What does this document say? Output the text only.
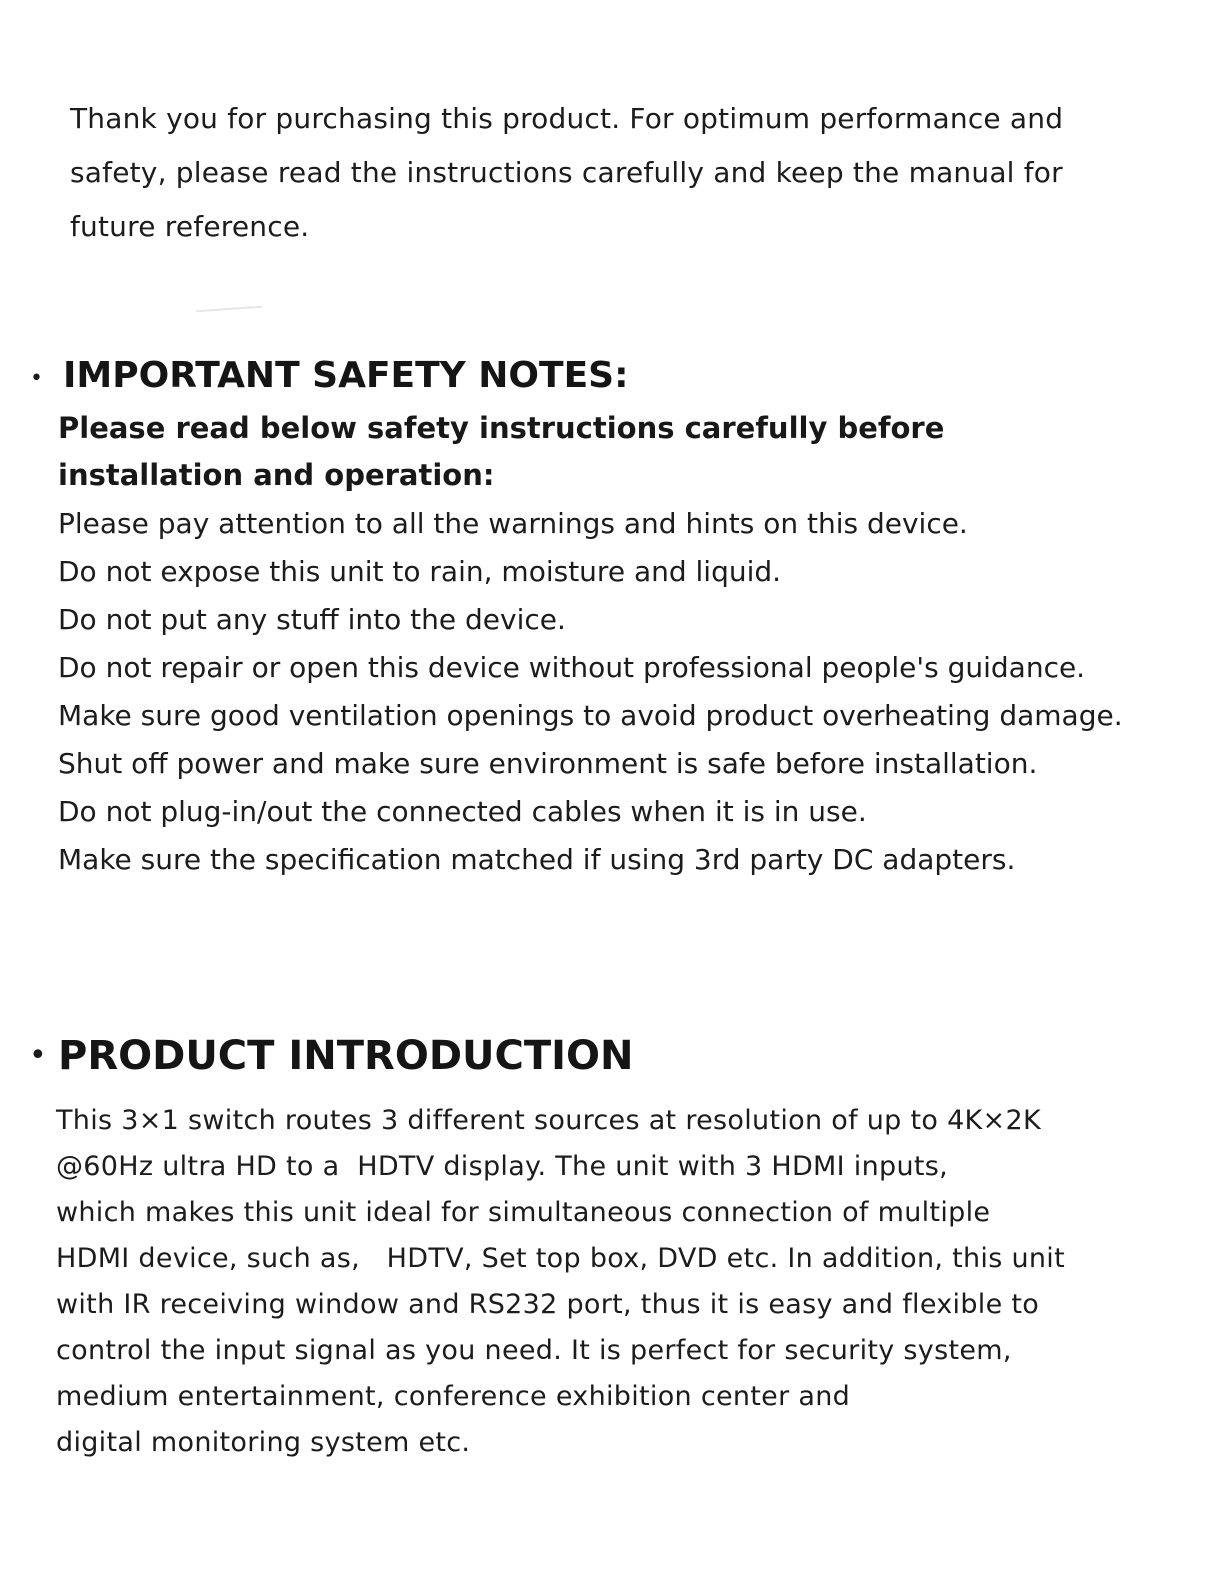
Thank you for purchasing this product. For optimum performance and
safety, please read the instructions carefully and keep the manual for
future reference.
• IMPORTANT SAFETY NOTES:
Please read below safety instructions carefully before
installation and operation:
Please pay attention to all the warnings and hints on this device.
Do not expose this unit to rain, moisture and liquid.
Do not put any stuff into the device.
Do not repair or open this device without professional people's guidance.
Make sure good ventilation openings to avoid product overheating damage.
Shut off power and make sure environment is safe before installation.
Do not plug-in/out the connected cables when it is in use.
Make sure the specification matched if using 3rd party DC adapters.
• PRODUCT INTRODUCTION
This 3×1 switch routes 3 different sources at resolution of up to 4K×2K
@60Hz ultra HD to a  HDTV display. The unit with 3 HDMI inputs,
which makes this unit ideal for simultaneous connection of multiple
HDMI device, such as,   HDTV, Set top box, DVD etc. In addition, this unit
with IR receiving window and RS232 port, thus it is easy and flexible to
control the input signal as you need. It is perfect for security system,
medium entertainment, conference exhibition center and
digital monitoring system etc.
